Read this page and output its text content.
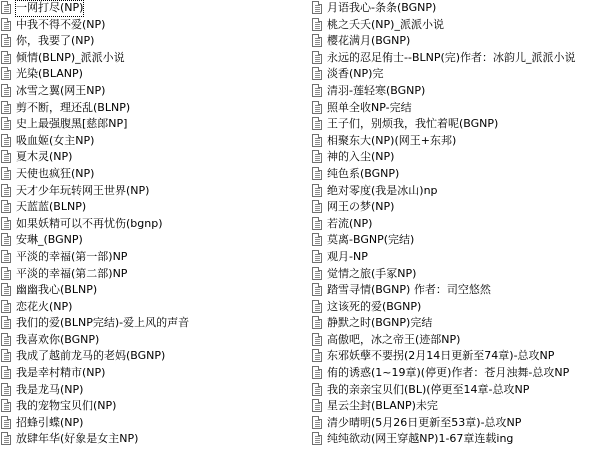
一网打尽(NP)
中我不得不爱(NP)
你，我要了(NP)
倾情(BLNP)_派派小说
光染(BLANP)
冰雪之翼(网王NP)
剪不断，理还乱(BLNP)
史上最强腹黑[慈郎NP]
吸血姬(女主NP)
夏木灵(NP)
天使也疯狂(NP)
天才少年玩转网王世界(NP)
天蓝蓝(BLNP)
如果妖精可以不再忧伤(bgnp)
安琳_(BGNP)
平淡的幸福(第一部)NP
平淡的幸福(第二部)NP
幽幽我心(BLNP)
恋花火(NP)
我们的爱(BLNP完结)-爱上风的声音
我喜欢你(BGNP)
我成了越前龙马的老妈(BGNP)
我是幸村精市(NP)
我是龙马(NP)
我的宠物宝贝们(NP)
招蜂引蝶(NP)
放肆年华(好象是女主NP)
月语我心-条条(BGNP)
桃之夭夭(NP)_派派小说
樱花满月(BGNP)
永远的忍足侑士--BLNP(完)作者：冰韵儿_派派小说
淡香(NP)完
清羽-莲轻寒(BGNP)
照单全收NP-完结
王子们，别烦我，我忙着呢(BGNP)
相聚东大(NP)(网王+东邦)
神的入尘(NP)
纯色系(BGNP)
绝对零度(我是冰山)np
网王の梦(NP)
若流(NP)
莫离-BGNP(完结)
观月-NP
觉情之旅(手冢NP)
踏雪寻情(BGNP) 作者：司空悠然
这该死的爱(BGNP)
静默之时(BGNP)完结
高傲吧，冰之帝王(迹部NP)
东邪妖孽不要拐(2月14日更新至74章)-总攻NP
侑的诱惑(1~19章)(停更)作者：苍月浊舞-总攻NP
我的亲亲宝贝们(BL)(停更至14章-总攻NP
星云尘封(BLANP)未完
清少晴明(5月26日更新至53章)-总攻NP
纯纯欲动(网王穿越NP)1-67章连载ing
